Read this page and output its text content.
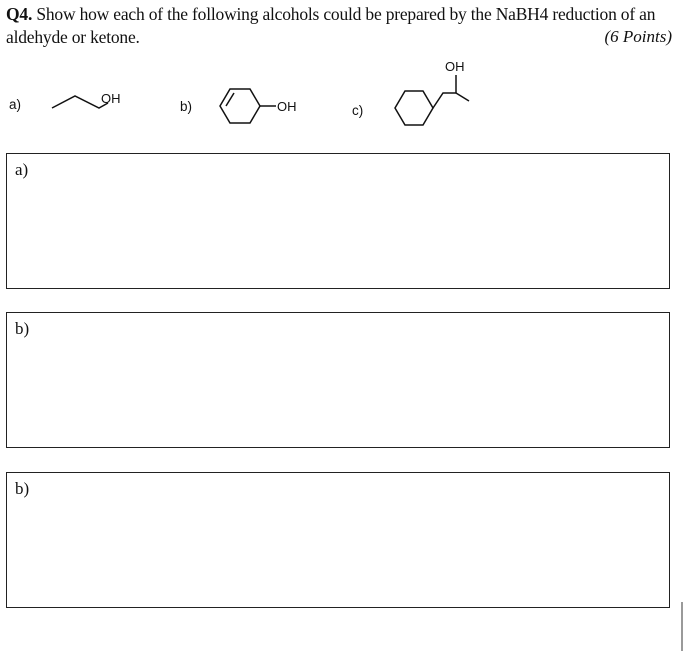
Q4. Show how each of the following alcohols could be prepared by the NaBH4 reduction of an aldehyde or ketone.	(6 Points)
a)	OH
b)	OH	c)
OH
a)
b)
b)
